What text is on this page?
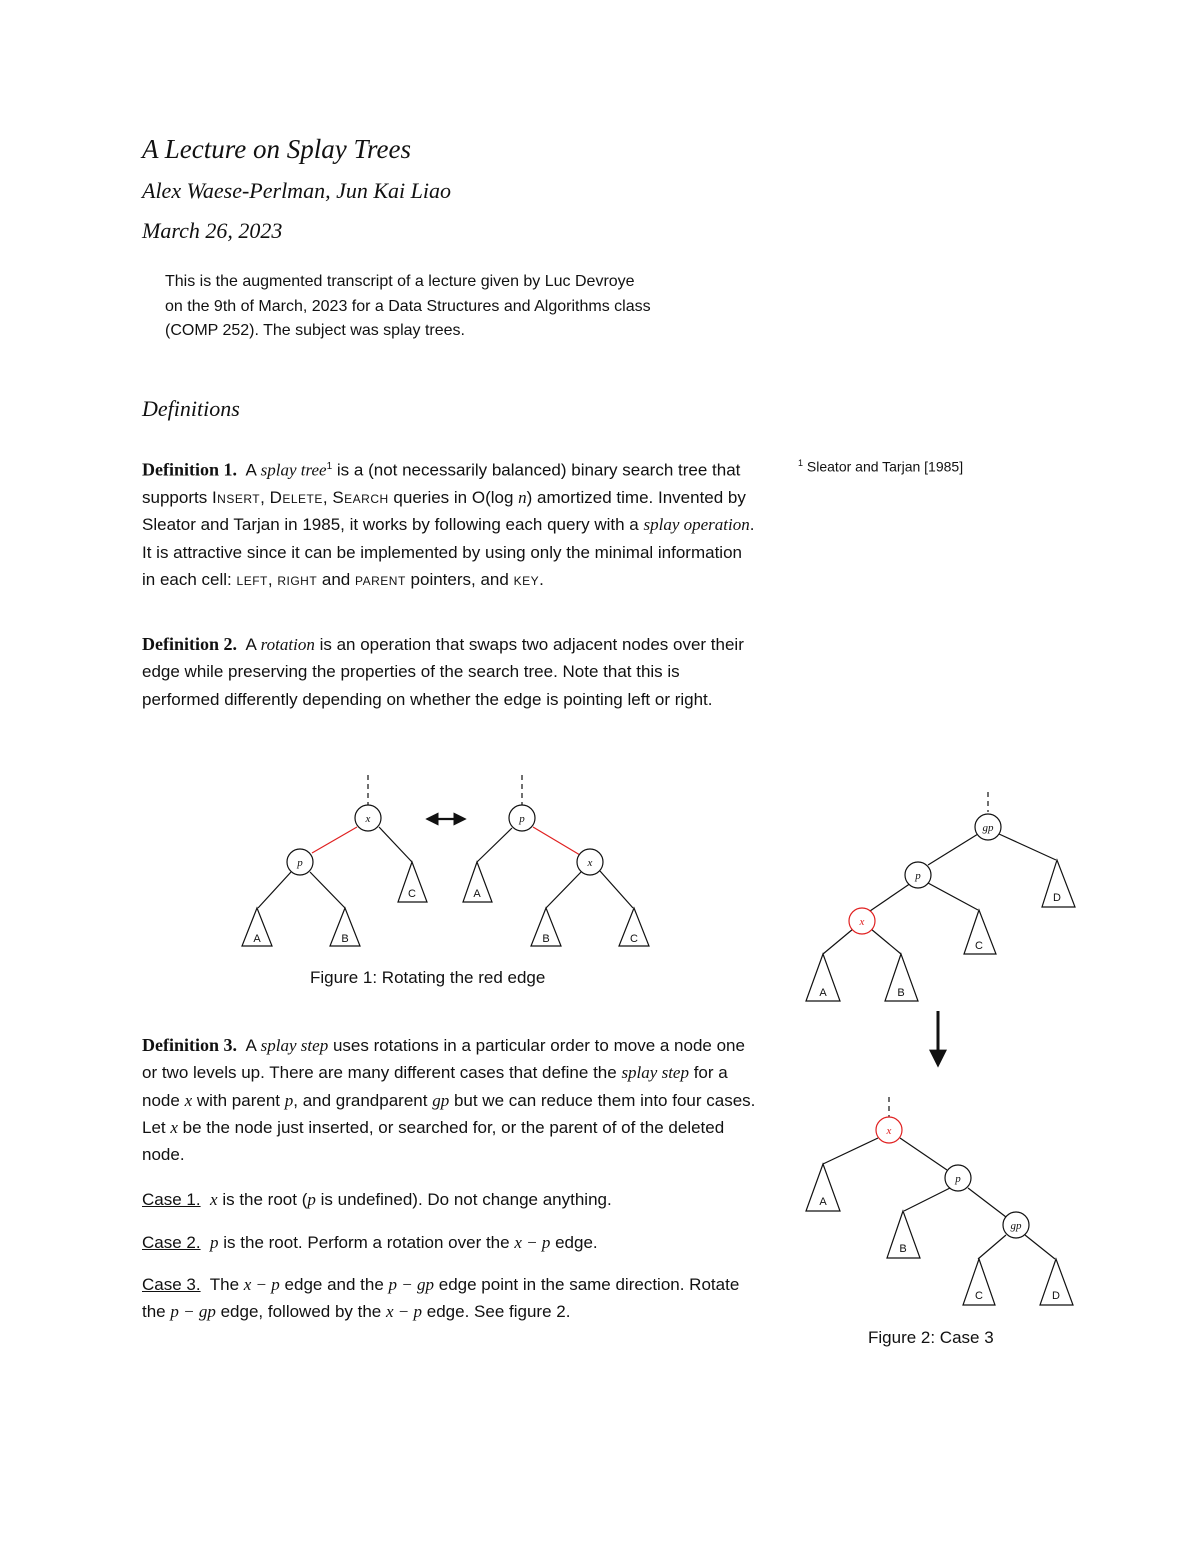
A Lecture on Splay Trees
Alex Waese-Perlman, Jun Kai Liao
March 26, 2023
This is the augmented transcript of a lecture given by Luc Devroye
on the 9th of March, 2023 for a Data Structures and Algorithms class
(COMP 252). The subject was splay trees.
Definitions
Definition 1. A splay tree$^1$ is a (not necessarily balanced) binary search tree that supports Insert, Delete, Search queries in O(log n) amortized time. Invented by Sleator and Tarjan in 1985, it works by following each query with a splay operation. It is attractive since it can be implemented by using only the minimal information in each cell: left, right and parent pointers, and key.
$^1$ Sleator and Tarjan [1985]
Definition 2. A rotation is an operation that swaps two adjacent nodes over their edge while preserving the properties of the search tree. Note that this is performed differently depending on whether the edge is pointing left or right.
Definition 3. A splay step uses rotations in a particular order to move a node one or two levels up. There are many different cases that define the splay step for a node x with parent p, and grandparent gp but we can reduce them into four cases. Let x be the node just inserted, or searched for, or the parent of of the deleted node.
Case 1. x is the root (p is undefined). Do not change anything.
Case 2. p is the root. Perform a rotation over the x − p edge.
Case 3. The x − p edge and the p − gp edge point in the same direction. Rotate the p − gp edge, followed by the x − p edge. See figure 2.
x
p
C
A	B
p
x
A
B	C
gp
p
x
D
C
A	B
x
p
gp
A
B
C	D
Figure 1: Rotating the red edge
Figure 2: Case 3
